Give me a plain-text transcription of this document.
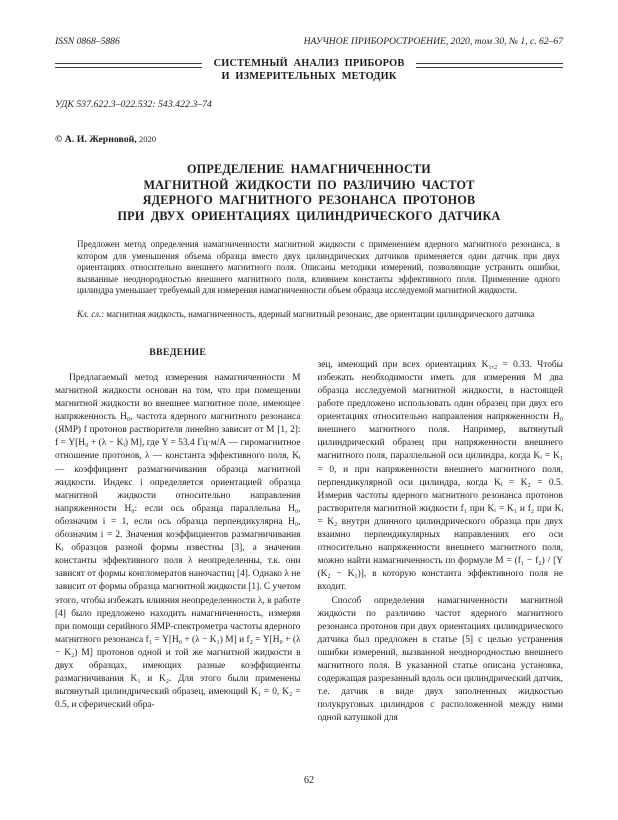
ISSN 0868–5886	НАУЧНОЕ ПРИБОРОСТРОЕНИЕ, 2020, том 30, № 1, c. 62–67
СИСТЕМНЫЙ АНАЛИЗ ПРИБОРОВ
И ИЗМЕРИТЕЛЬНЫХ МЕТОДИК
УДК 537.622.3–022.532: 543.422.3–74
© А. И. Жерновой, 2020
ОПРЕДЕЛЕНИЕ НАМАГНИЧЕННОСТИ
МАГНИТНОЙ ЖИДКОСТИ ПО РАЗЛИЧИЮ ЧАСТОТ
ЯДЕРНОГО МАГНИТНОГО РЕЗОНАНСА ПРОТОНОВ
ПРИ ДВУХ ОРИЕНТАЦИЯХ ЦИЛИНДРИЧЕСКОГО ДАТЧИКА
Предложен метод определения намагниченности магнитной жидкости с применением ядерного магнитного резонанса, в котором для уменьшения объема образца вместо двух цилиндрических датчиков применяется один датчик при двух ориентациях относительно внешнего магнитного поля. Описаны методики измерений, позволяющие устранить ошибки, вызванные неоднородностью внешнего магнитного поля, влиянием константы эффективного поля. Применение одного цилиндра уменьшает требуемый для измерения намагниченности объем образца исследуемой магнитной жидкости.
Кл. сл.: магнитная жидкость, намагниченность, ядерный магнитный резонанс, две ориентации цилиндрического датчика
ВВЕДЕНИЕ

Предлагаемый метод измерения намагниченности M магнитной жидкости основан на том, что при помещении магнитной жидкости во внешнее магнитное поле, имеющее напряженность H₀, частота ядерного магнитного резонанса (ЯМР) f протонов растворителя линейно зависит от M [1, 2]: f = Υ[H₀ + (λ − Kᵢ) M], где Υ = 53.4 Гц·м/А — гиромагнитное отношение протонов, λ — константа эффективного поля, Kᵢ — коэффициент размагничивания образца магнитной жидкости. Индекс i определяется ориентацией образца магнитной жидкости относительно направления напряженности H₀: если ось образца параллельна H₀, обозначим i = 1, если ось образца перпендикулярна H₀, обозначим i = 2. Значения коэффициентов размагничивания Kᵢ образцов разной формы известны [3], а значения константы эффективного поля λ неопределенны, т.к. они зависят от формы конгломератов наночастиц [4]. Однако λ не зависит от формы образца магнитной жидкости [1]. С учетом этого, чтобы избежать влияния неопределенности λ, в работе [4] было предложено находить намагниченность, измеряя при помощи серийного ЯМР-спектрометра частоты ядерного магнитного резонанса f₁ = Υ[H₀ + (λ − K₁) M] и f₂ = Υ[H₀ + (λ − K₂) M] протонов одной и той же магнитной жидкости в двух образцах, имеющих разные коэффициенты размагничивания K₁ и K₂. Для этого были применены вытянутый цилиндрический образец, имеющий K₁ = 0, K₂ = 0.5, и сферический обра-

зец, имеющий при всех ориентациях K₁,₂ = 0.33. Чтобы избежать необходимости иметь для измерения M два образца исследуемой магнитной жидкости, в настоящей работе предложено использовать один образец при двух его ориентациях относительно направления напряженности H₀ внешнего магнитного поля. Например, вытянутый цилиндрический образец при напряженности внешнего магнитного поля, параллельной оси цилиндра, когда Kᵢ = K₁ = 0, и при напряженности внешнего магнитного поля, перпендикулярной оси цилиндра, когда Kᵢ = K₂ = 0.5. Измерив частоты ядерного магнитного резонанса протонов растворителя магнитной жидкости f₁ при Kᵢ = K₁ и f₂ при Kᵢ = K₂ внутри длинного цилиндрического образца при двух взаимно перпендикулярных направлениях его оси относительно напряженности внешнего магнитного поля, можно найти намагниченность по формуле M = (f₁ − f₂) / [Υ (K₂ − K₁)], в которую константа эффективного поля не входит.

Способ определения намагниченности магнитной жидкости по различию частот ядерного магнитного резонанса протонов при двух ориентациях цилиндрического датчика был предложен в статье [5] с целью устранения ошибки измерений, вызванной неоднородностью внешнего магнитного поля. В указанной статье описана установка, содержащая разрезанный вдоль оси цилиндрический датчик, т.е. датчик в виде двух заполненных жидкостью полукруговых цилиндров с расположенной между ними одной катушкой для

62
